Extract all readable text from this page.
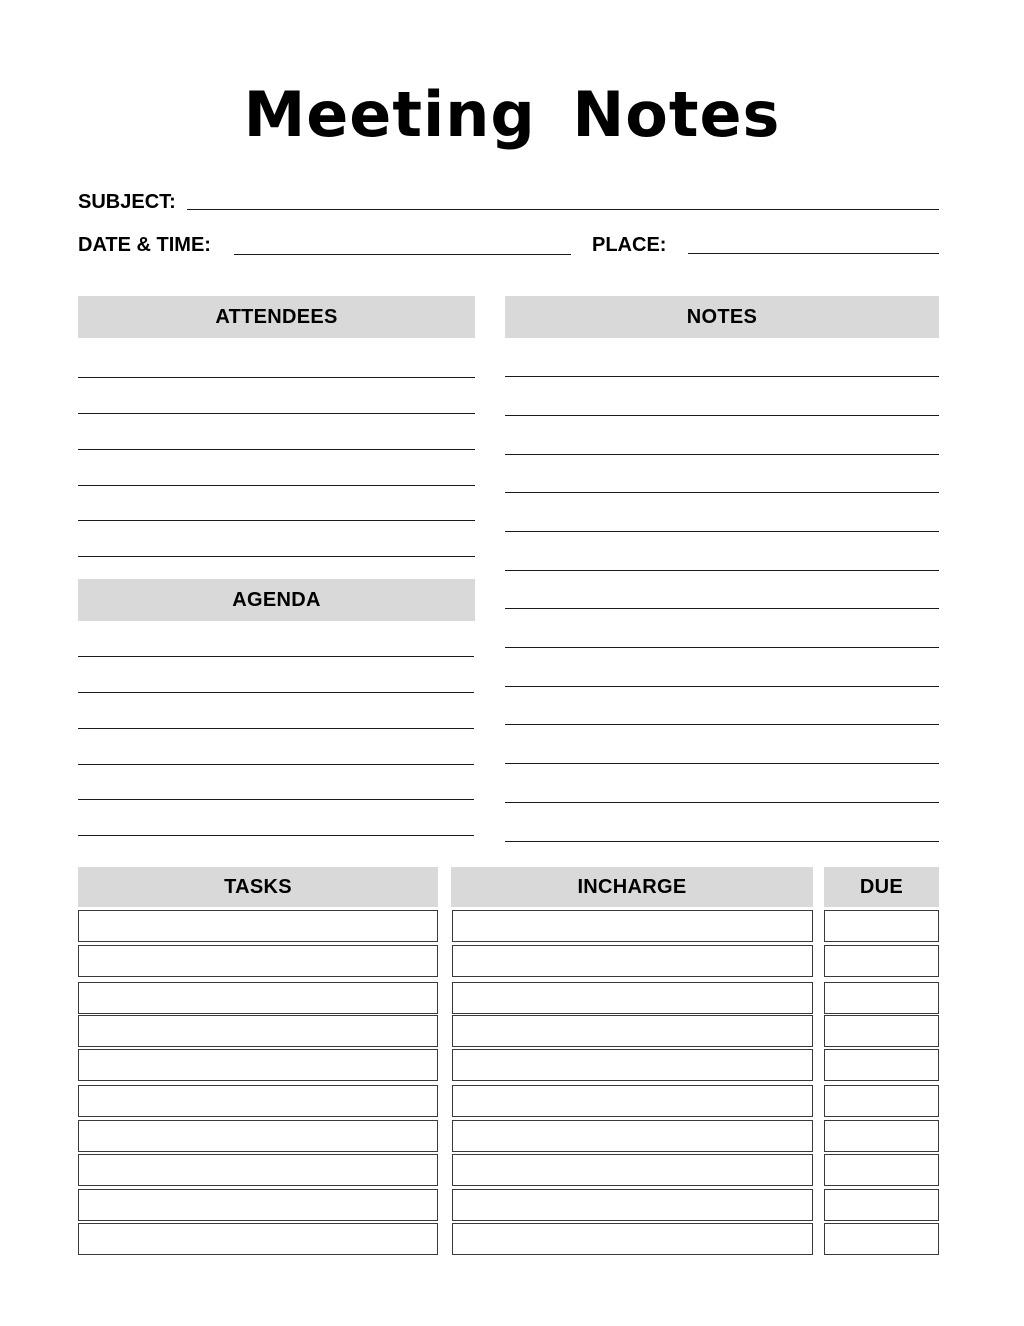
Meeting Notes
SUBJECT:
DATE & TIME:	PLACE:
ATTENDEES	NOTES
AGENDA
TASKS	INCHARGE	DUE
